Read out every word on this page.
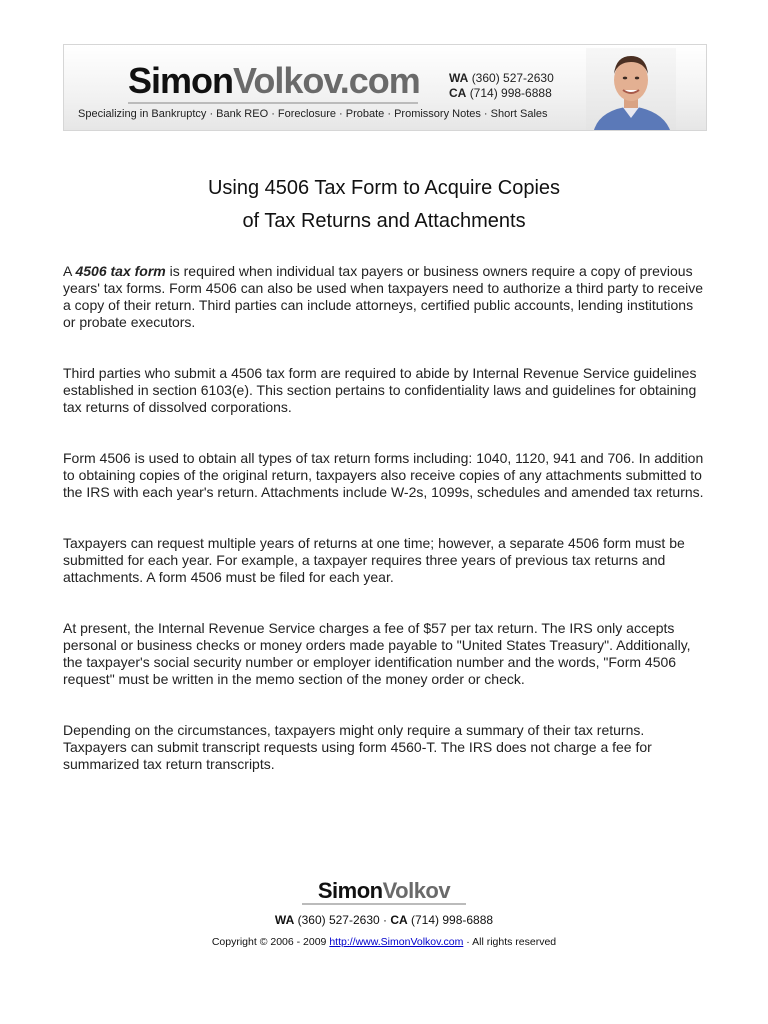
SimonVolkov.com WA (360) 527-2630
CA (714) 998-6888
Specializing in Bankruptcy · Bank REO · Foreclosure · Probate · Promissory Notes · Short Sales
Using 4506 Tax Form to Acquire Copies
of Tax Returns and Attachments

A 4506 tax form is required when individual tax payers or business owners require a copy of previous years' tax forms. Form 4506 can also be used when taxpayers need to authorize a third party to receive a copy of their return. Third parties can include attorneys, certified public accounts, lending institutions or probate executors.

Third parties who submit a 4506 tax form are required to abide by Internal Revenue Service guidelines established in section 6103(e). This section pertains to confidentiality laws and guidelines for obtaining tax returns of dissolved corporations.

Form 4506 is used to obtain all types of tax return forms including: 1040, 1120, 941 and 706. In addition to obtaining copies of the original return, taxpayers also receive copies of any attachments submitted to the IRS with each year's return. Attachments include W-2s, 1099s, schedules and amended tax returns.

Taxpayers can request multiple years of returns at one time; however, a separate 4506 form must be submitted for each year. For example, a taxpayer requires three years of previous tax returns and attachments. A form 4506 must be filed for each year.

At present, the Internal Revenue Service charges a fee of $57 per tax return. The IRS only accepts personal or business checks or money orders made payable to "United States Treasury". Additionally, the taxpayer's social security number or employer identification number and the words, "Form 4506 request" must be written in the memo section of the money order or check.

Depending on the circumstances, taxpayers might only require a summary of their tax returns. Taxpayers can submit transcript requests using form 4560-T. The IRS does not charge a fee for summarized tax return transcripts.

SimonVolkov
WA (360) 527-2630 · CA (714) 998-6888
Copyright © 2006 - 2009 http://www.SimonVolkov.com · All rights reserved
